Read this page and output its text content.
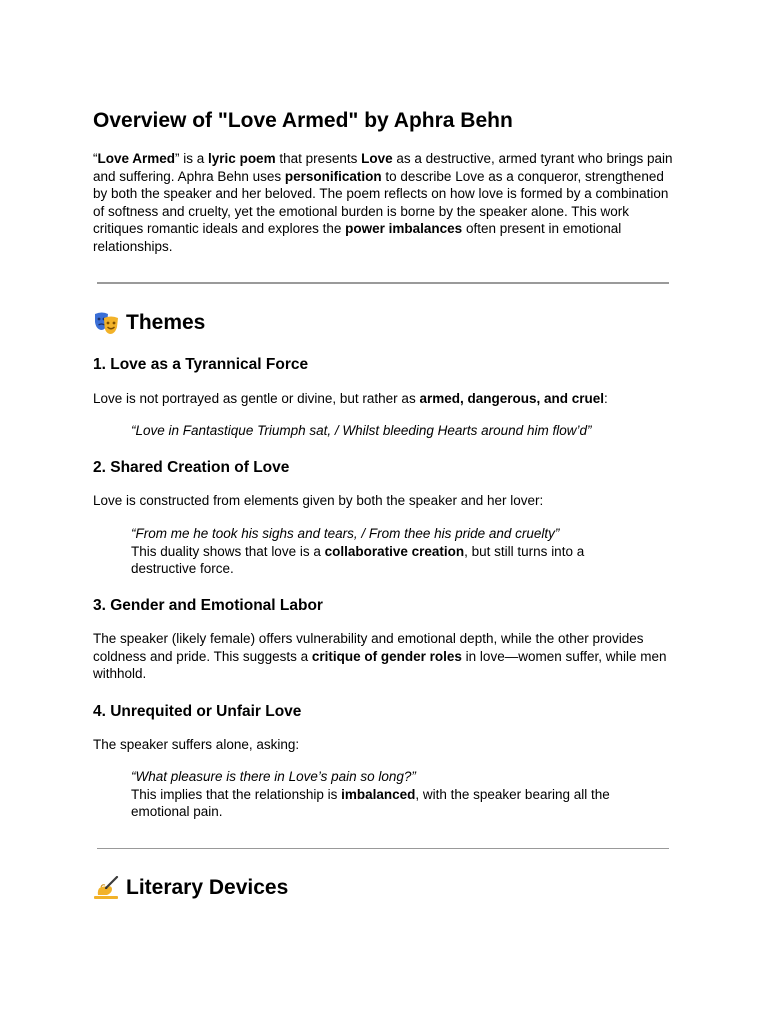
Overview of "Love Armed" by Aphra Behn

“Love Armed” is a lyric poem that presents Love as a destructive, armed tyrant who brings pain and suffering. Aphra Behn uses personification to describe Love as a conqueror, strengthened by both the speaker and her beloved. The poem reflects on how love is formed by a combination of softness and cruelty, yet the emotional burden is borne by the speaker alone. This work critiques romantic ideals and explores the power imbalances often present in emotional relationships.

Themes
1. Love as a Tyrannical Force

Love is not portrayed as gentle or divine, but rather as armed, dangerous, and cruel:

“Love in Fantastique Triumph sat, / Whilst bleeding Hearts around him flow’d”

2. Shared Creation of Love

Love is constructed from elements given by both the speaker and her lover:

“From me he took his sighs and tears, / From thee his pride and cruelty”
This duality shows that love is a collaborative creation, but still turns into a destructive force.

3. Gender and Emotional Labor

The speaker (likely female) offers vulnerability and emotional depth, while the other provides coldness and pride. This suggests a critique of gender roles in love—women suffer, while men withhold.

4. Unrequited or Unfair Love

The speaker suffers alone, asking:

“What pleasure is there in Love’s pain so long?”
This implies that the relationship is imbalanced, with the speaker bearing all the emotional pain.

Literary Devices
